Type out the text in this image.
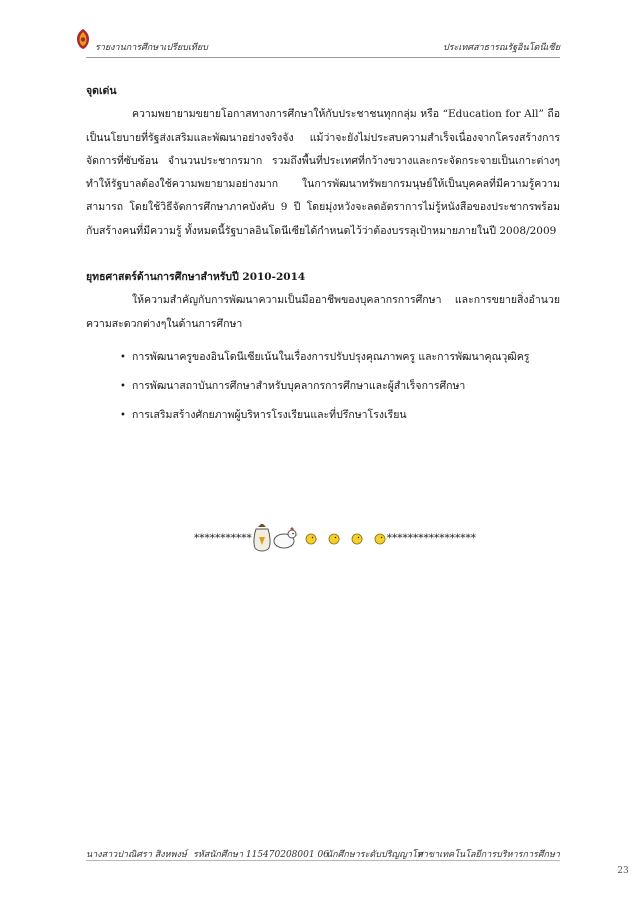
รายงานการศึกษาเปรียบเทียบ	ประเทศสาธารณรัฐอินโดนีเซีย

จุดเด่น

ความพยายามขยายโอกาสทางการศึกษาให้กับประชาชนทุกกลุ่ม หรือ “Education for All” ถือเป็นนโยบายที่รัฐส่งเสริมและพัฒนาอย่างจริงจัง แม้ว่าจะยังไม่ประสบความสำเร็จเนื่องจากโครงสร้างการจัดการที่ซับซ้อน จำนวนประชากรมาก รวมถึงพื้นที่ประเทศที่กว้างขวางและกระจัดกระจายเป็นเกาะต่างๆ ทำให้รัฐบาลต้องใช้ความพยายามอย่างมาก ในการพัฒนาทรัพยากรมนุษย์ให้เป็นบุคคลที่มีความรู้ความสามารถ โดยใช้วิธีจัดการศึกษาภาคบังคับ 9 ปี โดยมุ่งหวังจะลดอัตราการไม่รู้หนังสือของประชากรพร้อมกับสร้างคนที่มีความรู้ ทั้งหมดนี้รัฐบาลอินโดนีเซียได้กำหนดไว้ว่าต้องบรรลุเป้าหมายภายในปี 2008/2009

ยุทธศาสตร์ด้านการศึกษาสำหรับปี 2010-2014

ให้ความสำคัญกับการพัฒนาความเป็นมืออาชีพของบุคลากรการศึกษา และการขยายสิ่งอำนวยความสะดวกต่างๆในด้านการศึกษา

• การพัฒนาครูของอินโดนีเซียเน้นในเรื่องการปรับปรุงคุณภาพครู และการพัฒนาคุณวุฒิครู
• การพัฒนาสถาบันการศึกษาสำหรับบุคลากรการศึกษาและผู้สำเร็จการศึกษา
• การเสริมสร้างศักยภาพผู้บริหารโรงเรียนและที่ปรึกษาโรงเรียน
***********	*****************
นางสาวปาณิศรา สิงหพงษ์ รหัสนักศึกษา 115470208001 06
นักศึกษาระดับปริญญาโท
สาขาเทคโนโลยีการบริหารการศึกษา
23
